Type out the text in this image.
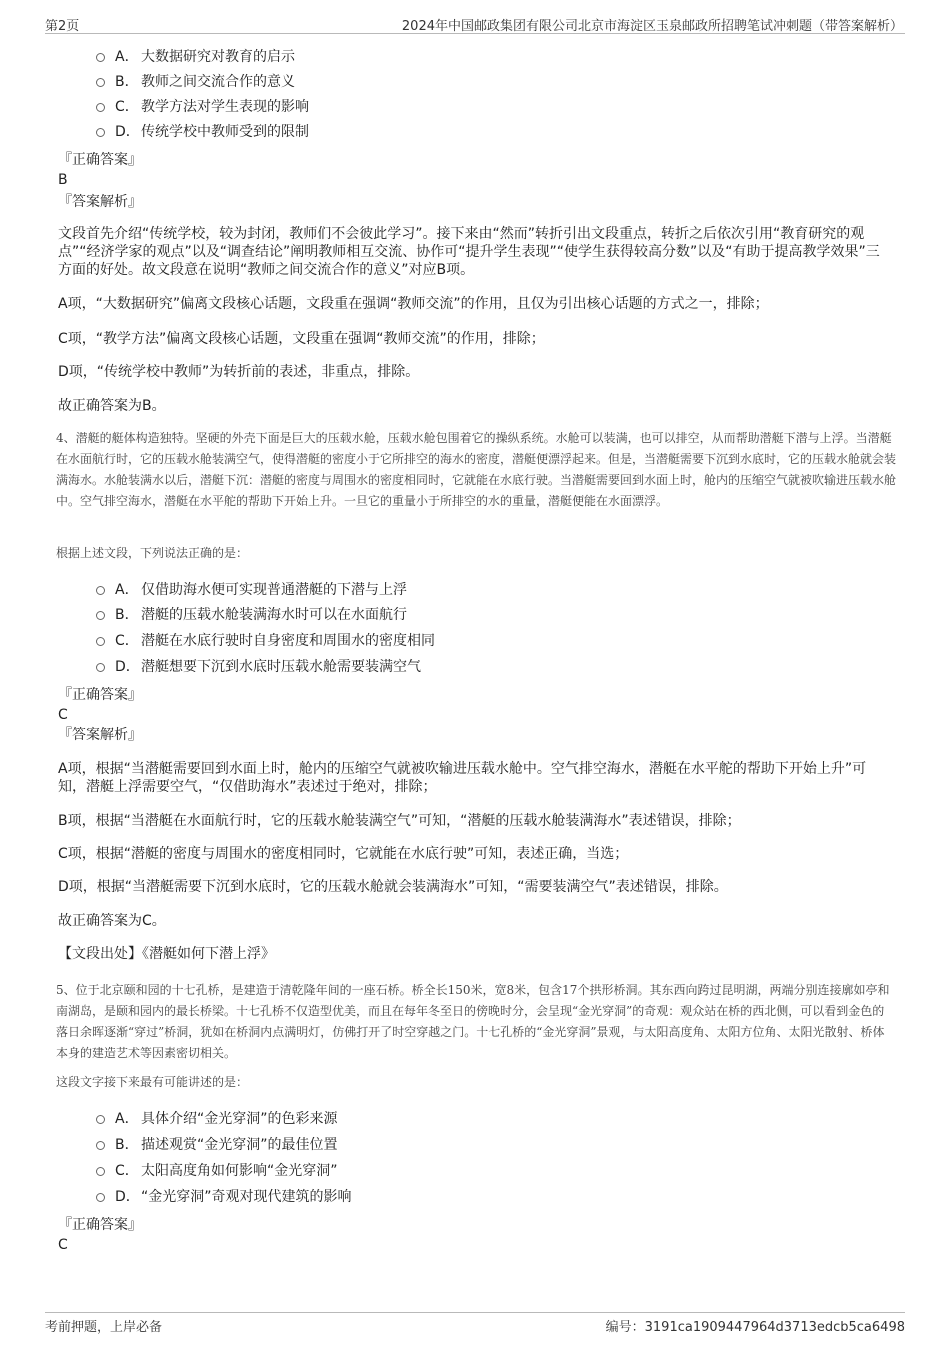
第2页	2024年中国邮政集团有限公司北京市海淀区玉泉邮政所招聘笔试冲刺题（带答案解析）
A． 大数据研究对教育的启示
B． 教师之间交流合作的意义
C． 教学方法对学生表现的影响
D．传统学校中教师受到的限制
『正确答案』
B
『答案解析』
文段首先介绍“传统学校，较为封闭，教师们不会彼此学习”。接下来由“然而”转折引出文段重点，转折之后依次引用“教育研究的观点”“经济学家的观点”以及“调查结论”阐明教师相互交流、协作可“提升学生表现”“使学生获得较高分数”以及“有助于提高教学效果”三方面的好处。故文段意在说明“教师之间交流合作的意义”对应B项。
A项，“大数据研究”偏离文段核心话题，文段重在强调“教师交流”的作用，且仅为引出核心话题的方式之一，排除；
C项，“教学方法”偏离文段核心话题，文段重在强调“教师交流”的作用，排除；
D项，“传统学校中教师”为转折前的表述，非重点，排除。
故正确答案为B。
4、潜艇的艇体构造独特。坚硬的外壳下面是巨大的压载水舱，压载水舱包围着它的操纵系统。水舱可以装满，也可以排空，从而帮助潜艇下潜与上浮。当潜艇在水面航行时，它的压载水舱装满空气，使得潜艇的密度小于它所排空的海水的密度，潜艇便漂浮起来。但是，当潜艇需要下沉到水底时，它的压载水舱就会装满海水。水舱装满水以后，潜艇下沉：潜艇的密度与周围水的密度相同时，它就能在水底行驶。当潜艇需要回到水面上时，舱内的压缩空气就被吹输进压载水舱中。空气排空海水，潜艇在水平舵的帮助下开始上升。一旦它的重量小于所排空的水的重量，潜艇便能在水面漂浮。
根据上述文段，下列说法正确的是：
A． 仅借助海水便可实现普通潜艇的下潜与上浮
B． 潜艇的压载水舱装满海水时可以在水面航行
C． 潜艇在水底行驶时自身密度和周围水的密度相同
D．潜艇想要下沉到水底时压载水舱需要装满空气
『正确答案』
C
『答案解析』
A项，根据“当潜艇需要回到水面上时，舱内的压缩空气就被吹输进压载水舱中。空气排空海水，潜艇在水平舵的帮助下开始上升”可知，潜艇上浮需要空气，“仅借助海水”表述过于绝对，排除；
B项，根据“当潜艇在水面航行时，它的压载水舱装满空气”可知，“潜艇的压载水舱装满海水”表述错误，排除；
C项，根据“潜艇的密度与周围水的密度相同时，它就能在水底行驶”可知，表述正确，当选；
D项，根据“当潜艇需要下沉到水底时，它的压载水舱就会装满海水”可知，“需要装满空气”表述错误，排除。
故正确答案为C。
【文段出处】《潜艇如何下潜上浮》
5、位于北京颐和园的十七孔桥，是建造于清乾隆年间的一座石桥。桥全长150米，宽8米，包含17个拱形桥洞。其东西向跨过昆明湖，两端分别连接廓如亭和南湖岛，是颐和园内的最长桥梁。十七孔桥不仅造型优美，而且在每年冬至日的傍晚时分，会呈现“金光穿洞”的奇观：观众站在桥的西北侧，可以看到金色的落日余晖逐渐“穿过”桥洞，犹如在桥洞内点满明灯，仿佛打开了时空穿越之门。十七孔桥的“金光穿洞”景观，与太阳高度角、太阳方位角、太阳光散射、桥体本身的建造艺术等因素密切相关。
这段文字接下来最有可能讲述的是：
A． 具体介绍“金光穿洞”的色彩来源
B． 描述观赏“金光穿洞”的最佳位置
C． 太阳高度角如何影响“金光穿洞”
D．“金光穿洞”奇观对现代建筑的影响
『正确答案』
C
考前押题，上岸必备	编号：3191ca1909447964d3713edcb5ca6498
